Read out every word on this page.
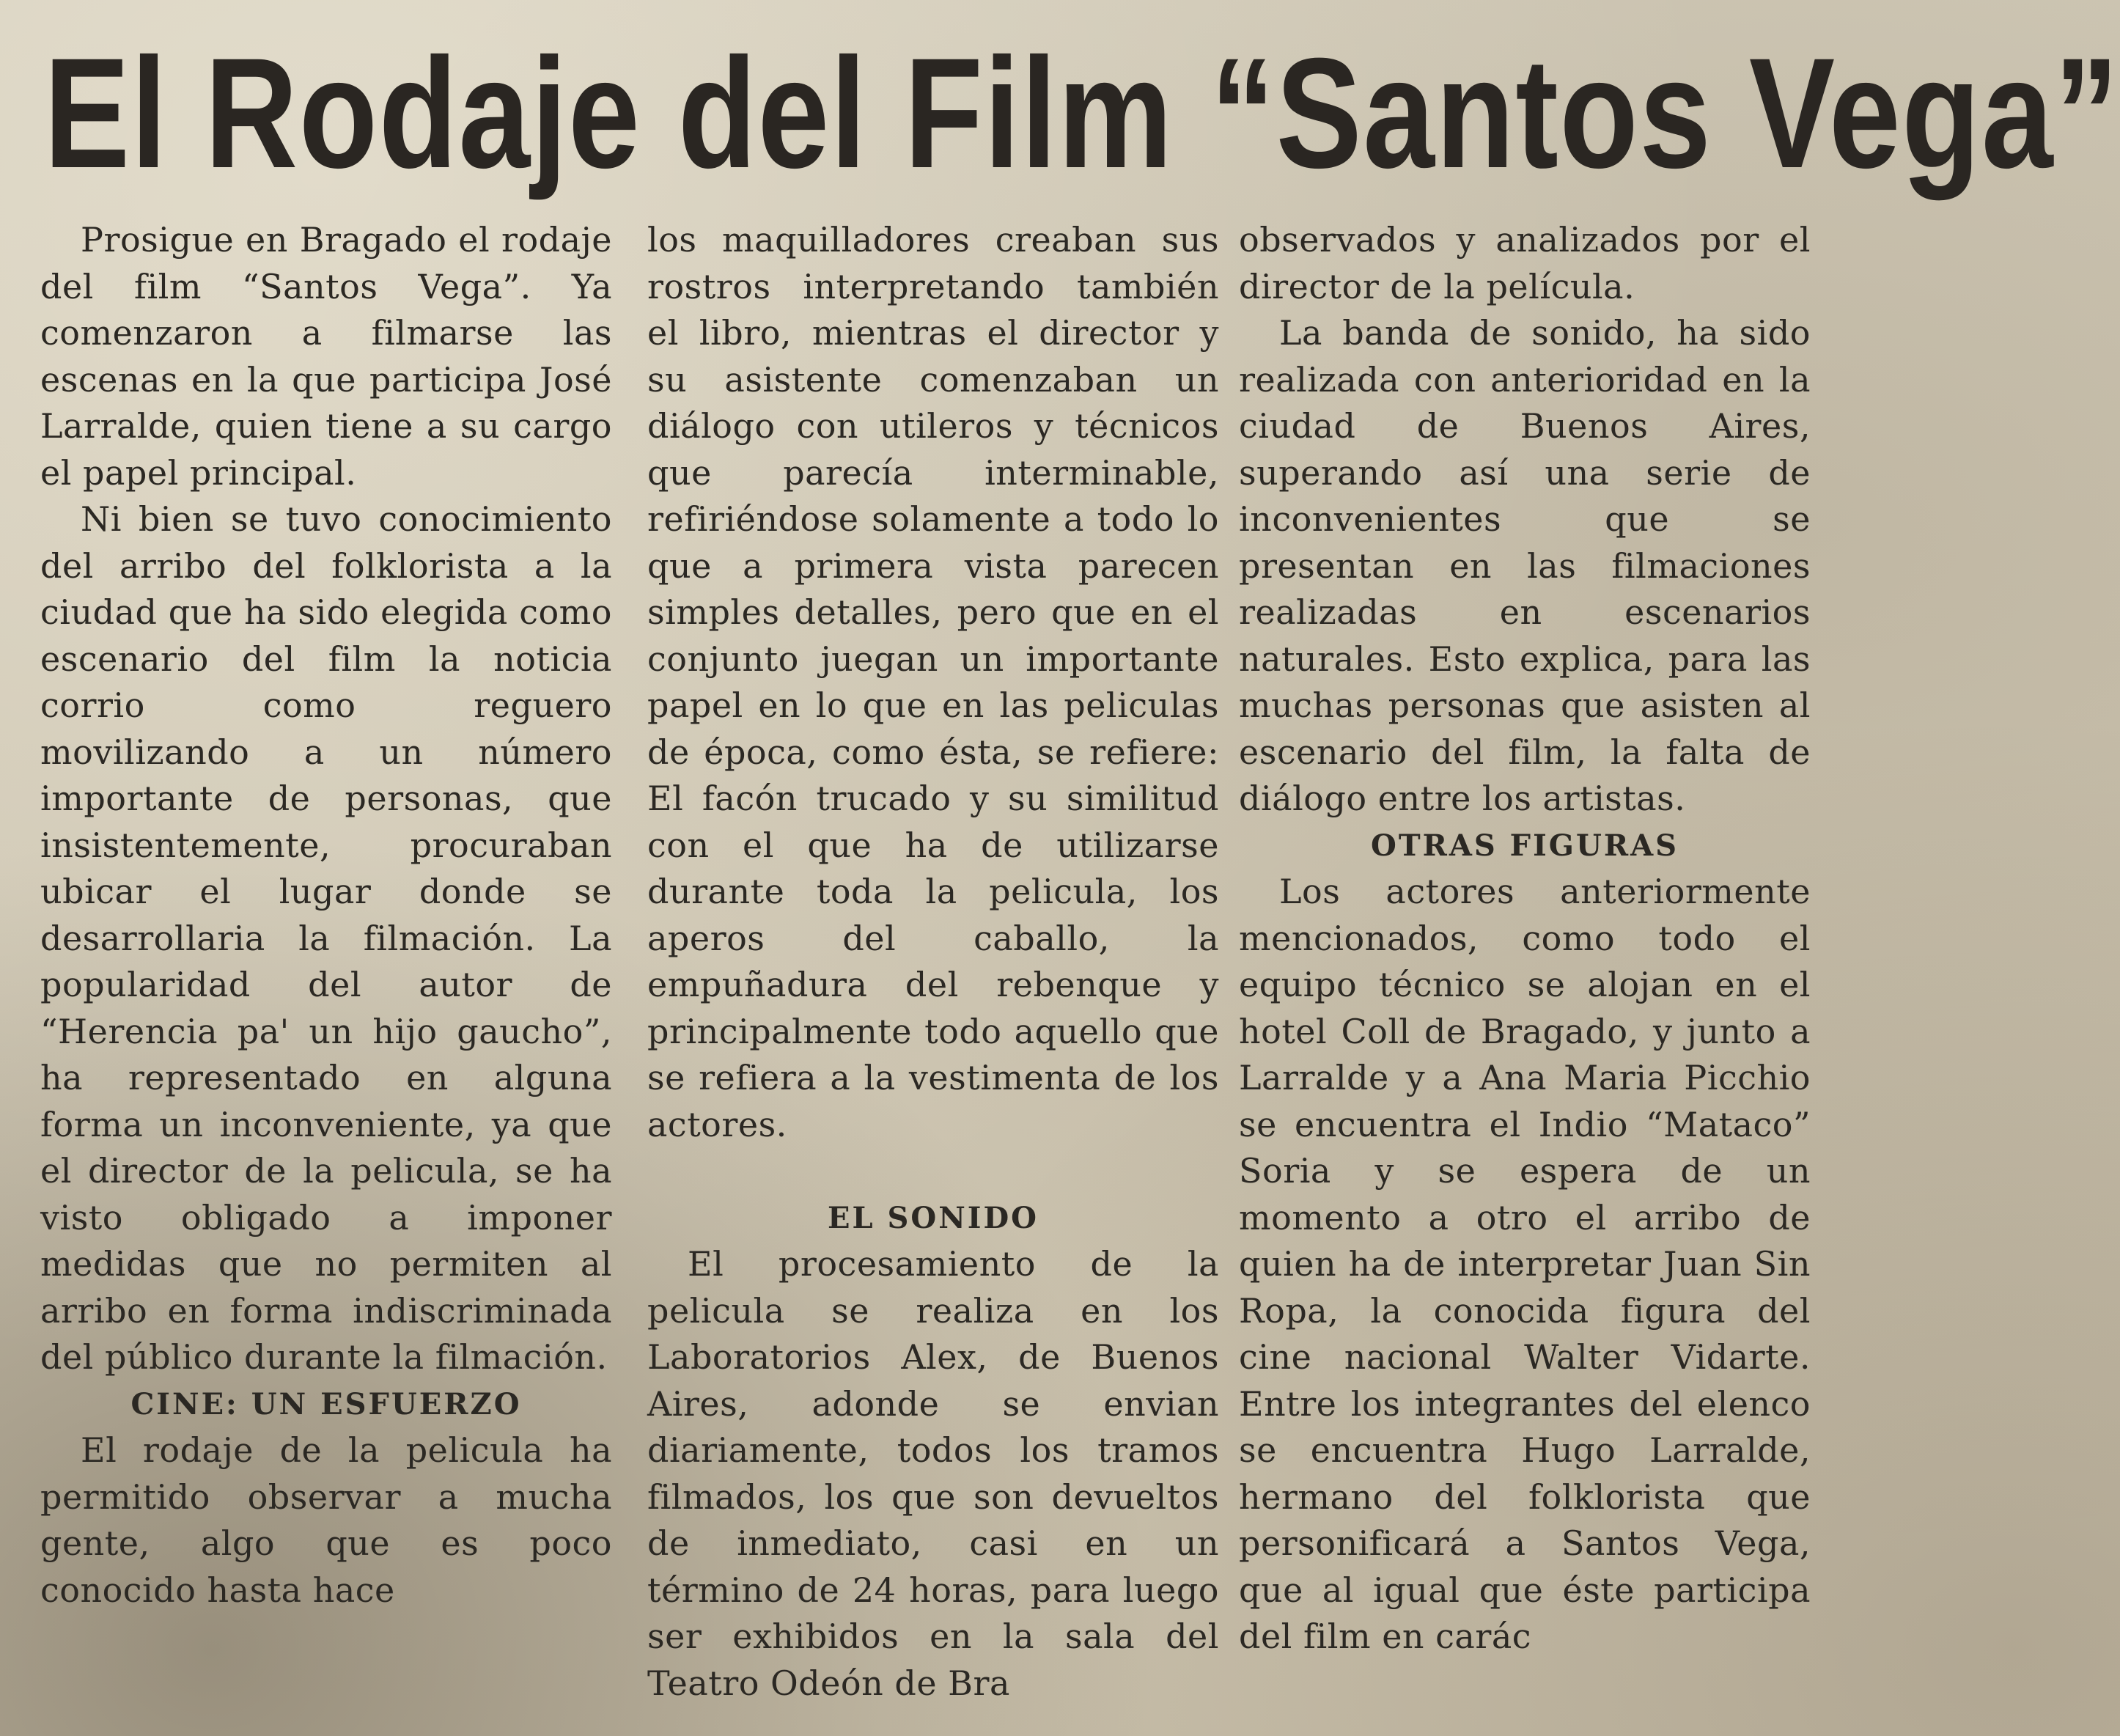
El Rodaje del Film “Santos Vega”

Prosigue en Bragado el rodaje del film “Santos Vega”. Ya comenzaron a filmarse las escenas en la que participa José Larralde, quien tiene a su cargo el papel principal.

Ni bien se tuvo conocimiento del arribo del folklorista a la ciudad que ha sido elegida como escenario del film la noticia corrio como reguero movilizando a un número importante de personas, que insistentemente, procuraban ubicar el lugar donde se desarrollaria la filmación. La popularidad del autor de “Herencia pa' un hijo gaucho”, ha representado en alguna forma un inconveniente, ya que el director de la pelicula, se ha visto obligado a imponer medidas que no permiten al arribo en forma indiscriminada del público durante la filmación.

CINE: UN ESFUERZO

El rodaje de la pelicula ha permitido observar a mucha gente, algo que es poco conocido hasta hace

los maquilladores creaban sus rostros interpretando también el libro, mientras el director y su asistente comenzaban un diálogo con utileros y técnicos que parecía interminable, refiriéndose solamente a todo lo que a primera vista parecen simples detalles, pero que en el conjunto juegan un importante papel en lo que en las peliculas de época, como ésta, se refiere: El facón trucado y su similitud con el que ha de utilizarse durante toda la pelicula, los aperos del caballo, la empuñadura del rebenque y principalmente todo aquello que se refiera a la vestimenta de los actores.

EL SONIDO

El procesamiento de la pelicula se realiza en los Laboratorios Alex, de Buenos Aires, adonde se envian diariamente, todos los tramos filmados, los que son devueltos de inmediato, casi en un término de 24 horas, para luego ser exhibidos en la sala del Teatro Odeón de Bra

observados y analizados por el director de la película.

La banda de sonido, ha sido realizada con anterioridad en la ciudad de Buenos Aires, superando así una serie de inconvenientes que se presentan en las filmaciones realizadas en escenarios naturales. Esto explica, para las muchas personas que asisten al escenario del film, la falta de diálogo entre los artistas.

OTRAS FIGURAS

Los actores anteriormente mencionados, como todo el equipo técnico se alojan en el hotel Coll de Bragado, y junto a Larralde y a Ana Maria Picchio se encuentra el Indio “Mataco” Soria y se espera de un momento a otro el arribo de quien ha de interpretar Juan Sin Ropa, la conocida figura del cine nacional Walter Vidarte. Entre los integrantes del elenco se encuentra Hugo Larralde, hermano del folklorista que personificará a Santos Vega, que al igual que éste participa del film en carác
